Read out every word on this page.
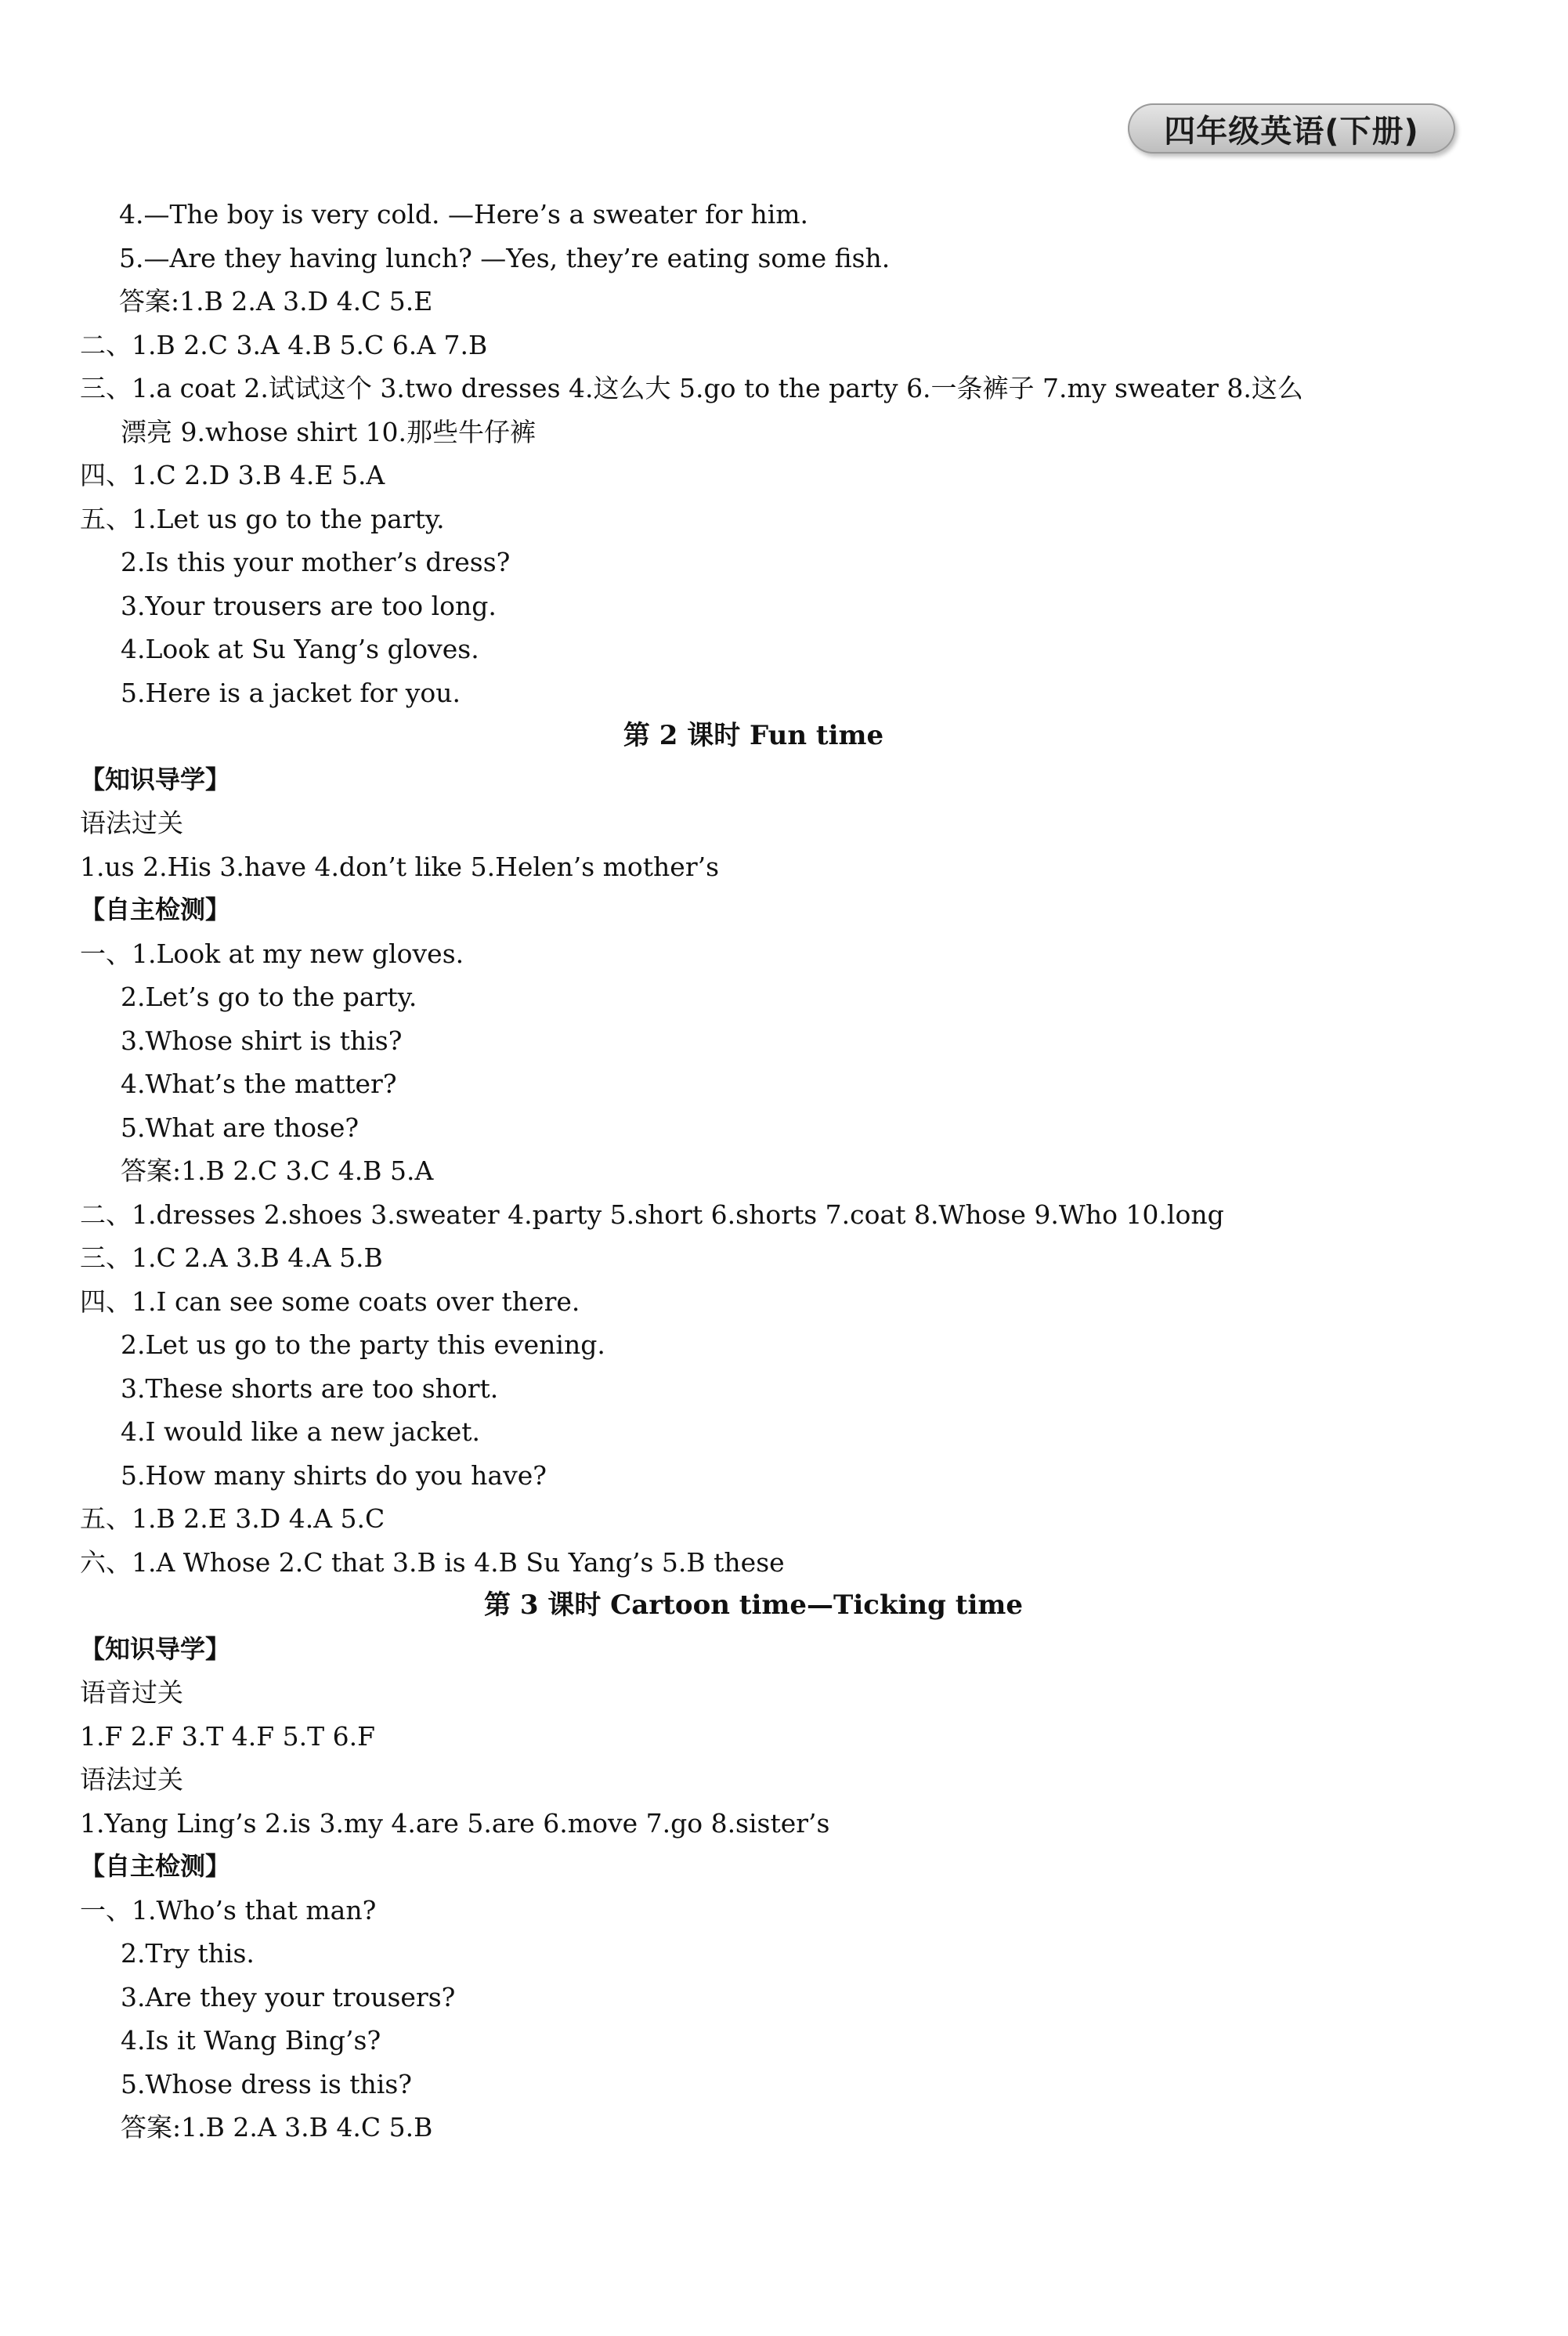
四年级英语(下册)
4.—The boy is very cold. —Here’s a sweater for him.
5.—Are they having lunch? —Yes, they’re eating some fish.
答案:1.B 2.A 3.D 4.C 5.E
二、1.B 2.C 3.A 4.B 5.C 6.A 7.B
三、1.a coat 2.试试这个 3.two dresses 4.这么大 5.go to the party 6.一条裤子 7.my sweater 8.这么
漂亮 9.whose shirt 10.那些牛仔裤
四、1.C 2.D 3.B 4.E 5.A
五、1.Let us go to the party.
2.Is this your mother’s dress?
3.Your trousers are too long.
4.Look at Su Yang’s gloves.
5.Here is a jacket for you.
第 2 课时 Fun time
【知识导学】
语法过关
1.us 2.His 3.have 4.don’t like 5.Helen’s mother’s
【自主检测】
一、1.Look at my new gloves.
2.Let’s go to the party.
3.Whose shirt is this?
4.What’s the matter?
5.What are those?
答案:1.B 2.C 3.C 4.B 5.A
二、1.dresses 2.shoes 3.sweater 4.party 5.short 6.shorts 7.coat 8.Whose 9.Who 10.long
三、1.C 2.A 3.B 4.A 5.B
四、1.I can see some coats over there.
2.Let us go to the party this evening.
3.These shorts are too short.
4.I would like a new jacket.
5.How many shirts do you have?
五、1.B 2.E 3.D 4.A 5.C
六、1.A Whose 2.C that 3.B is 4.B Su Yang’s 5.B these
第 3 课时 Cartoon time—Ticking time
【知识导学】
语音过关
1.F 2.F 3.T 4.F 5.T 6.F
语法过关
1.Yang Ling’s 2.is 3.my 4.are 5.are 6.move 7.go 8.sister’s
【自主检测】
一、1.Who’s that man?
2.Try this.
3.Are they your trousers?
4.Is it Wang Bing’s?
5.Whose dress is this?
答案:1.B 2.A 3.B 4.C 5.B
